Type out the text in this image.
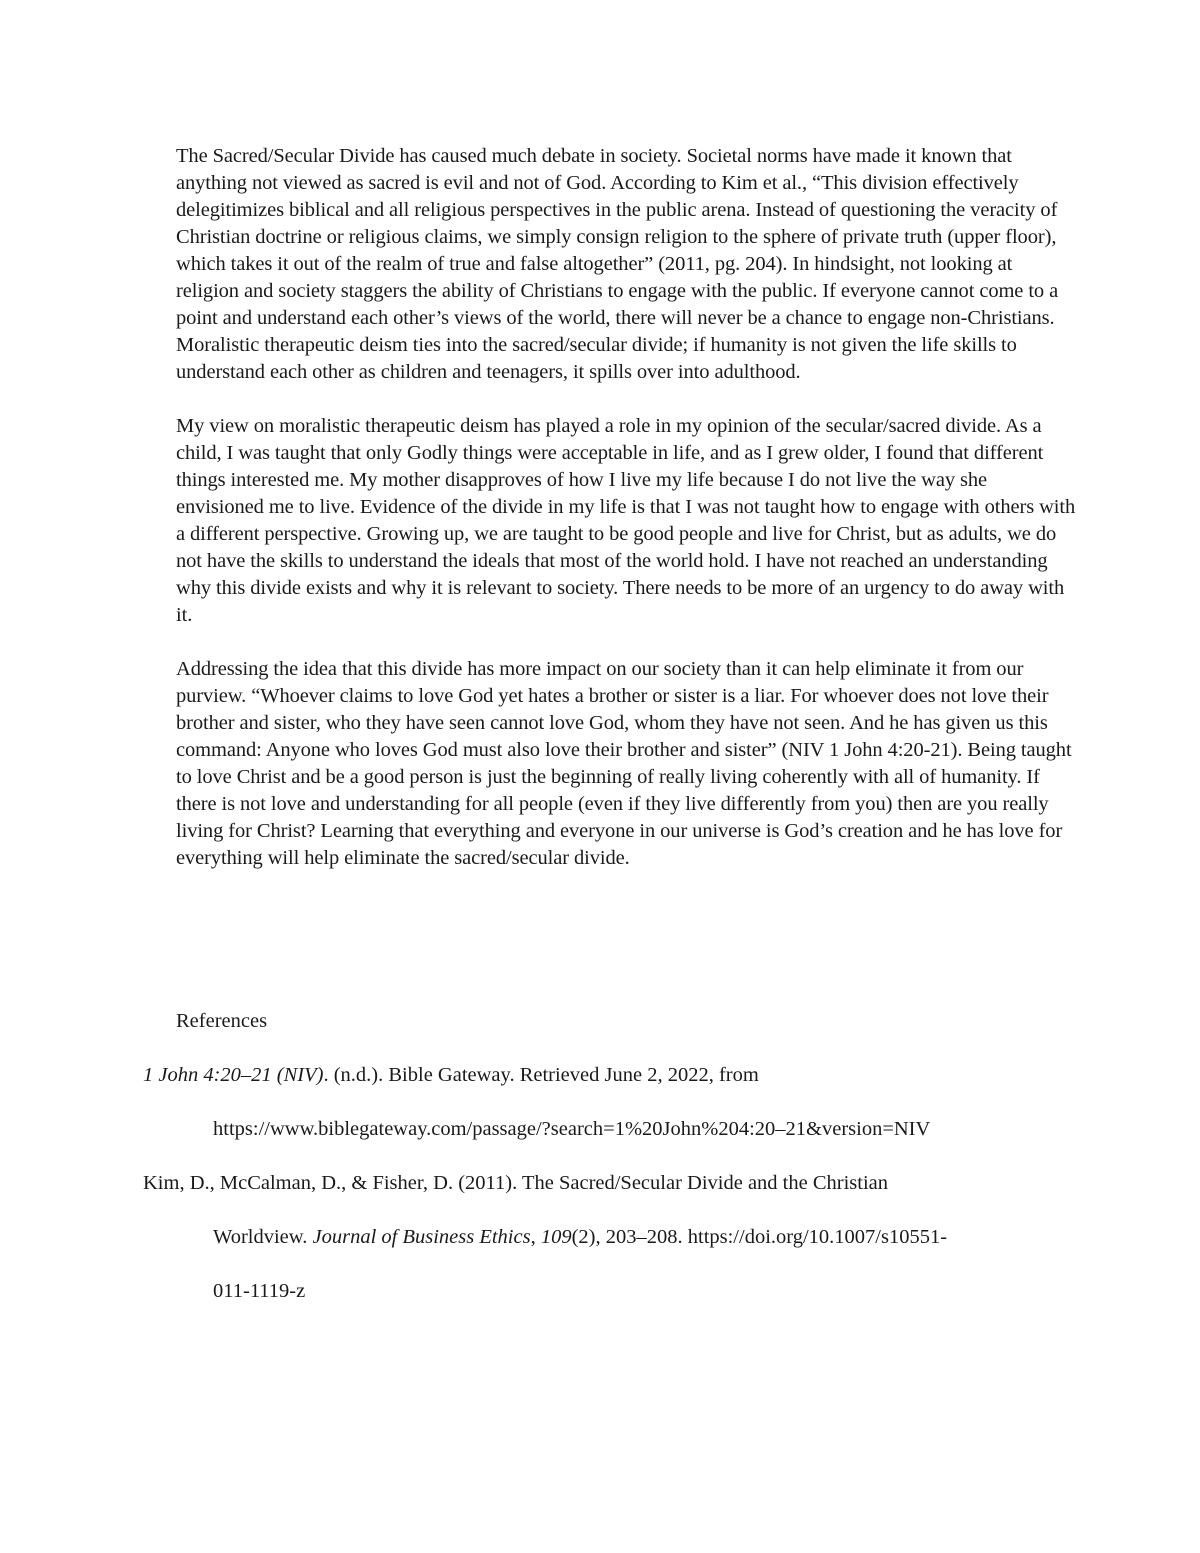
The Sacred/Secular Divide has caused much debate in society. Societal norms have made it known that anything not viewed as sacred is evil and not of God. According to Kim et al., “This division effectively delegitimizes biblical and all religious perspectives in the public arena. Instead of questioning the veracity of Christian doctrine or religious claims, we simply consign religion to the sphere of private truth (upper floor), which takes it out of the realm of true and false altogether” (2011, pg. 204). In hindsight, not looking at religion and society staggers the ability of Christians to engage with the public. If everyone cannot come to a point and understand each other’s views of the world, there will never be a chance to engage non-Christians. Moralistic therapeutic deism ties into the sacred/secular divide; if humanity is not given the life skills to understand each other as children and teenagers, it spills over into adulthood.

My view on moralistic therapeutic deism has played a role in my opinion of the secular/sacred divide. As a child, I was taught that only Godly things were acceptable in life, and as I grew older, I found that different things interested me. My mother disapproves of how I live my life because I do not live the way she envisioned me to live. Evidence of the divide in my life is that I was not taught how to engage with others with a different perspective. Growing up, we are taught to be good people and live for Christ, but as adults, we do not have the skills to understand the ideals that most of the world hold. I have not reached an understanding why this divide exists and why it is relevant to society. There needs to be more of an urgency to do away with it.

Addressing the idea that this divide has more impact on our society than it can help eliminate it from our purview. “Whoever claims to love God yet hates a brother or sister is a liar. For whoever does not love their brother and sister, who they have seen cannot love God, whom they have not seen. And he has given us this command: Anyone who loves God must also love their brother and sister” (NIV 1 John 4:20-21). Being taught to love Christ and be a good person is just the beginning of really living coherently with all of humanity. If there is not love and understanding for all people (even if they live differently from you) then are you really living for Christ? Learning that everything and everyone in our universe is God’s creation and he has love for everything will help eliminate the sacred/secular divide.

References

1 John 4:20–21 (NIV). (n.d.). Bible Gateway. Retrieved June 2, 2022, from
https://www.biblegateway.com/passage/?search=1%20John%204:20–21&version=NIV
Kim, D., McCalman, D., & Fisher, D. (2011). The Sacred/Secular Divide and the Christian
Worldview. Journal of Business Ethics, 109(2), 203–208. https://doi.org/10.1007/s10551-
011-1119-z
